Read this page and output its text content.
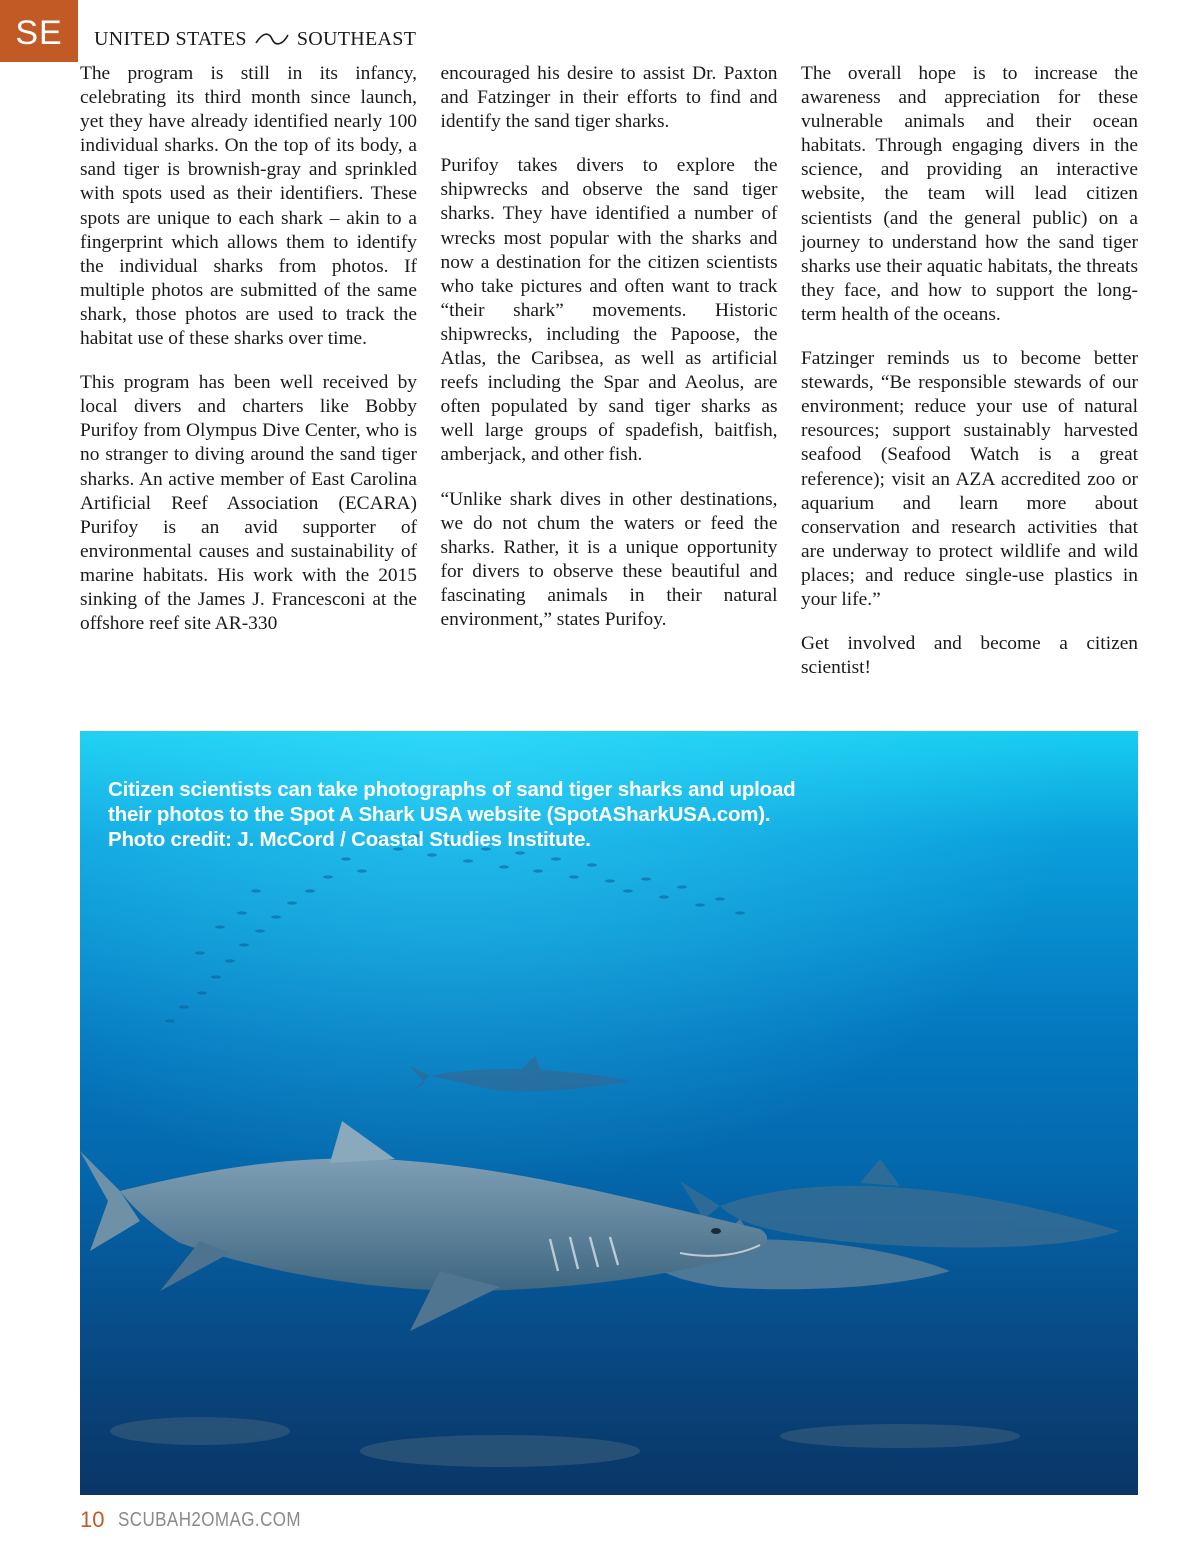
SE	UNITED STATES	SOUTHEAST

The program is still in its infancy, celebrating its third month since launch, yet they have already identified nearly 100 individual sharks. On the top of its body, a sand tiger is brownish-gray and sprinkled with spots used as their identifiers. These spots are unique to each shark – akin to a fingerprint which allows them to identify the individual sharks from photos. If multiple photos are submitted of the same shark, those photos are used to track the habitat use of these sharks over time.

This program has been well received by local divers and charters like Bobby Purifoy from Olympus Dive Center, who is no stranger to diving around the sand tiger sharks. An active member of East Carolina Artificial Reef Association (ECARA) Purifoy is an avid supporter of environmental causes and sustainability of marine habitats. His work with the 2015 sinking of the James J. Francesconi at the offshore reef site AR-330

encouraged his desire to assist Dr. Paxton and Fatzinger in their efforts to find and identify the sand tiger sharks.

Purifoy takes divers to explore the shipwrecks and observe the sand tiger sharks. They have identified a number of wrecks most popular with the sharks and now a destination for the citizen scientists who take pictures and often want to track “their shark” movements. Historic shipwrecks, including the Papoose, the Atlas, the Caribsea, as well as artificial reefs including the Spar and Aeolus, are often populated by sand tiger sharks as well large groups of spadefish, baitfish, amberjack, and other fish.

“Unlike shark dives in other destinations, we do not chum the waters or feed the sharks. Rather, it is a unique opportunity for divers to observe these beautiful and fascinating animals in their natural environment,” states Purifoy.

The overall hope is to increase the awareness and appreciation for these vulnerable animals and their ocean habitats. Through engaging divers in the science, and providing an interactive website, the team will lead citizen scientists (and the general public) on a journey to understand how the sand tiger sharks use their aquatic habitats, the threats they face, and how to support the long-term health of the oceans.

Fatzinger reminds us to become better stewards, “Be responsible stewards of our environment; reduce your use of natural resources; support sustainably harvested seafood (Seafood Watch is a great reference); visit an AZA accredited zoo or aquarium and learn more about conservation and research activities that are underway to protect wildlife and wild places; and reduce single-use plastics in your life.”

Get involved and become a citizen scientist!

Citizen scientists can take photographs of sand tiger sharks and upload
their photos to the Spot A Shark USA website (SpotASharkUSA.com).
Photo credit: J. McCord / Coastal Studies Institute.
10 SCUBAH2OMAG.COM
